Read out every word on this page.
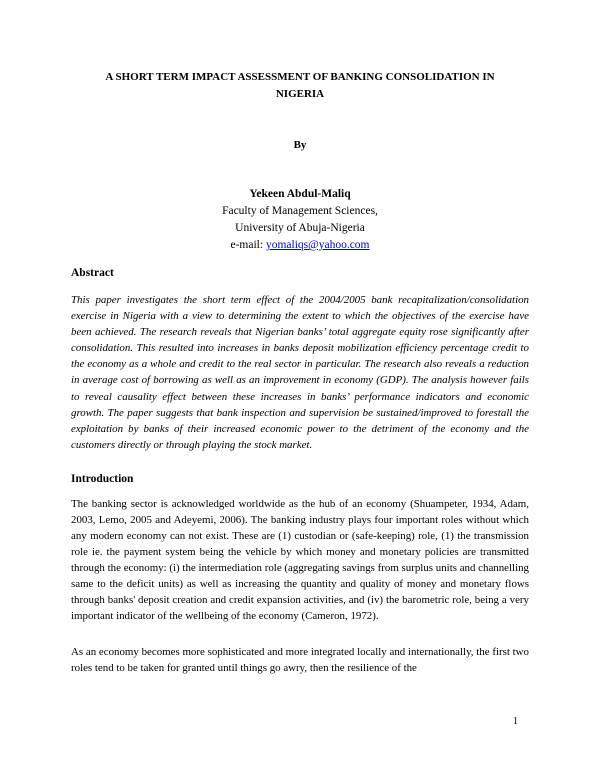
A SHORT TERM IMPACT ASSESSMENT OF BANKING CONSOLIDATION IN NIGERIA
By
Yekeen Abdul-Maliq
Faculty of Management Sciences,
University of Abuja-Nigeria
e-mail: yomaliqs@yahoo.com
Abstract
This paper investigates the short term effect of the 2004/2005 bank recapitalization/consolidation exercise in Nigeria with a view to determining the extent to which the objectives of the exercise have been achieved. The research reveals that Nigerian banks’ total aggregate equity rose significantly after consolidation. This resulted into increases in banks deposit mobilization efficiency percentage credit to the economy as a whole and credit to the real sector in particular. The research also reveals a reduction in average cost of borrowing as well as an improvement in economy (GDP). The analysis however fails to reveal causality effect between these increases in banks’ performance indicators and economic growth. The paper suggests that bank inspection and supervision be sustained/improved to forestall the exploitation by banks of their increased economic power to the detriment of the economy and the customers directly or through playing the stock market.
Introduction
The banking sector is acknowledged worldwide as the hub of an economy (Shuampeter, 1934, Adam, 2003, Lemo, 2005 and Adeyemi, 2006). The banking industry plays four important roles without which any modern economy can not exist. These are (1) custodian or (safe-keeping) role, (1) the transmission role ie. the payment system being the vehicle by which money and monetary policies are transmitted through the economy: (i) the intermediation role (aggregating savings from surplus units and channelling same to the deficit units) as well as increasing the quantity and quality of money and monetary flows through banks' deposit creation and credit expansion activities, and (iv) the barometric role, being a very important indicator of the wellbeing of the economy (Cameron, 1972).
As an economy becomes more sophisticated and more integrated locally and internationally, the first two roles tend to be taken for granted until things go awry, then the resilience of the
1
